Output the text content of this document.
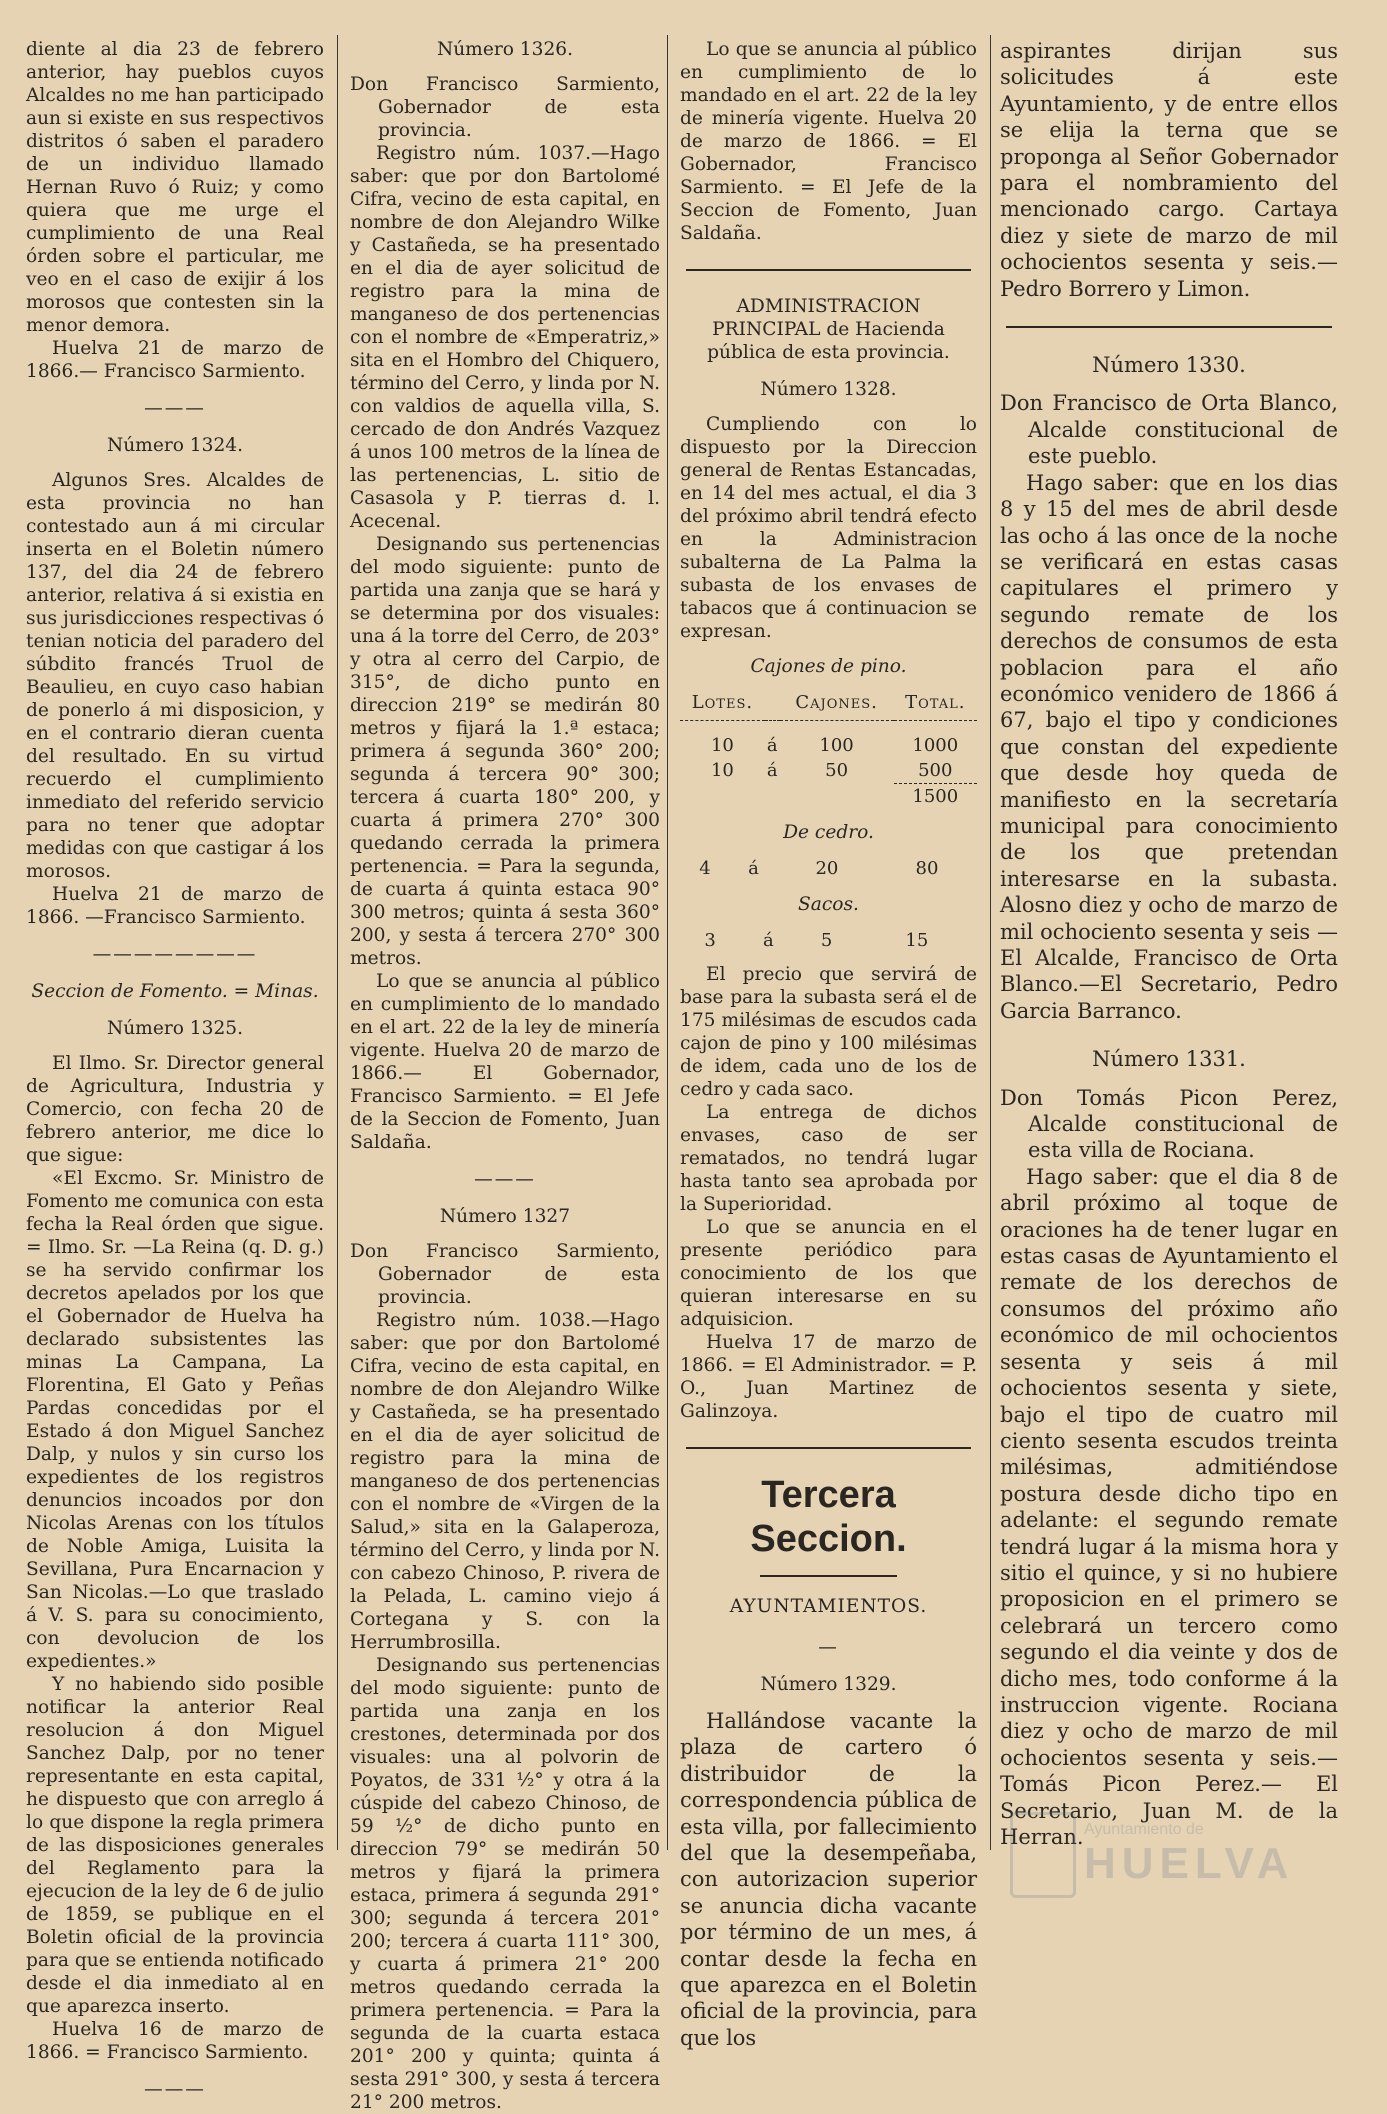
diente al dia 23 de febrero anterior, hay pueblos cuyos Alcaldes no me han participado aun si existe en sus respectivos distritos ó saben el paradero de un individuo llamado Hernan Ruvo ó Ruiz; y como quiera que me urge el cumplimiento de una Real órden sobre el particular, me veo en el caso de exijir á los morosos que contesten sin la menor demora.

Huelva 21 de marzo de 1866.— Francisco Sarmiento.

———

Número 1324.

Algunos Sres. Alcaldes de esta provincia no han contestado aun á mi circular inserta en el Boletin número 137, del dia 24 de febrero anterior, relativa á si existia en sus jurisdicciones respectivas ó tenian noticia del paradero del súbdito francés Truol de Beaulieu, en cuyo caso habian de ponerlo á mi disposicion, y en el contrario dieran cuenta del resultado. En su virtud recuerdo el cumplimiento inmediato del referido servicio para no tener que adoptar medidas con que castigar á los morosos.

Huelva 21 de marzo de 1866. —Francisco Sarmiento.

————————

Seccion de Fomento. = Minas.

Número 1325.

El Ilmo. Sr. Director general de Agricultura, Industria y Comercio, con fecha 20 de febrero anterior, me dice lo que sigue:

«El Excmo. Sr. Ministro de Fomento me comunica con esta fecha la Real órden que sigue. = Ilmo. Sr. —La Reina (q. D. g.) se ha servido confirmar los decretos apelados por los que el Gobernador de Huelva ha declarado subsistentes las minas La Campana, La Florentina, El Gato y Peñas Pardas concedidas por el Estado á don Miguel Sanchez Dalp, y nulos y sin curso los expedientes de los registros denuncios incoados por don Nicolas Arenas con los títulos de Noble Amiga, Luisita la Sevillana, Pura Encarnacion y San Nicolas.—Lo que traslado á V. S. para su conocimiento, con devolucion de los expedientes.»

Y no habiendo sido posible notificar la anterior Real resolucion á don Miguel Sanchez Dalp, por no tener representante en esta capital, he dispuesto que con arreglo á lo que dispone la regla primera de las disposiciones generales del Reglamento para la ejecucion de la ley de 6 de julio de 1859, se publique en el Boletin oficial de la provincia para que se entienda notificado desde el dia inmediato al en que aparezca inserto.

Huelva 16 de marzo de 1866. = Francisco Sarmiento.

———

Número 1326.

Don Francisco Sarmiento, Gobernador de esta provincia.

Registro núm. 1037.—Hago saber: que por don Bartolomé Cifra, vecino de esta capital, en nombre de don Alejandro Wilke y Castañeda, se ha presentado en el dia de ayer solicitud de registro para la mina de manganeso de dos pertenencias con el nombre de «Emperatriz,» sita en el Hombro del Chiquero, término del Cerro, y linda por N. con valdios de aquella villa, S. cercado de don Andrés Vazquez á unos 100 metros de la línea de las pertenencias, L. sitio de Casasola y P. tierras d. l. Acecenal.

Designando sus pertenencias del modo siguiente: punto de partida una zanja que se hará y se determina por dos visuales: una á la torre del Cerro, de 203° y otra al cerro del Carpio, de 315°, de dicho punto en direccion 219° se medirán 80 metros y fijará la 1.ª estaca; primera á segunda 360° 200; segunda á tercera 90° 300; tercera á cuarta 180° 200, y cuarta á primera 270° 300 quedando cerrada la primera pertenencia. = Para la segunda, de cuarta á quinta estaca 90° 300 metros; quinta á sesta 360° 200, y sesta á tercera 270° 300 metros.

Lo que se anuncia al público en cumplimiento de lo mandado en el art. 22 de la ley de minería vigente. Huelva 20 de marzo de 1866.— El Gobernador, Francisco Sarmiento. = El Jefe de la Seccion de Fomento, Juan Saldaña.

———

Número 1327

Don Francisco Sarmiento, Gobernador de esta provincia.

Registro núm. 1038.—Hago saber: que por don Bartolomé Cifra, vecino de esta capital, en nombre de don Alejandro Wilke y Castañeda, se ha presentado en el dia de ayer solicitud de registro para la mina de manganeso de dos pertenencias con el nombre de «Virgen de la Salud,» sita en la Galaperoza, término del Cerro, y linda por N. con cabezo Chinoso, P. rivera de la Pelada, L. camino viejo á Cortegana y S. con la Herrumbrosilla.

Designando sus pertenencias del modo siguiente: punto de partida una zanja en los crestones, determinada por dos visuales: una al polvorin de Poyatos, de 331 ½° y otra á la cúspide del cabezo Chinoso, de 59 ½° de dicho punto en direccion 79° se medirán 50 metros y fijará la primera estaca, primera á segunda 291° 300; segunda á tercera 201° 200; tercera á cuarta 111° 300, y cuarta á primera 21° 200 metros quedando cerrada la primera pertenencia. = Para la segunda de la cuarta estaca 201° 200 y quinta; quinta á sesta 291° 300, y sesta á tercera 21° 200 metros.

Lo que se anuncia al público en cumplimiento de lo mandado en el art. 22 de la ley de minería vigente. Huelva 20 de marzo de 1866. = El Gobernador, Francisco Sarmiento. = El Jefe de la Seccion de Fomento, Juan Saldaña.

ADMINISTRACION PRINCIPAL de Hacienda pública de esta provincia.

Número 1328.

Cumpliendo con lo dispuesto por la Direccion general de Rentas Estancadas, en 14 del mes actual, el dia 3 del próximo abril tendrá efecto en la Administracion subalterna de La Palma la subasta de los envases de tabacos que á continuacion se expresan.

Cajones de pino.

Lotes.		Cajones.	Total.

10	á	100	1000
10	á	50	500
			1500

De cedro.

4	á	20	80

Sacos.

3	á	5	15

El precio que servirá de base para la subasta será el de 175 milésimas de escudos cada cajon de pino y 100 milésimas de idem, cada uno de los de cedro y cada saco.

La entrega de dichos envases, caso de ser rematados, no tendrá lugar hasta tanto sea aprobada por la Superioridad.

Lo que se anuncia en el presente periódico para conocimiento de los que quieran interesarse en su adquisicion.

Huelva 17 de marzo de 1866. = El Administrador. = P. O., Juan Martinez de Galinzoya.

Tercera Seccion.

AYUNTAMIENTOS.

—

Número 1329.

Hallándose vacante la plaza de cartero ó distribuidor de la correspondencia pública de esta villa, por fallecimiento del que la desempeñaba, con autorizacion superior se anuncia dicha vacante por término de un mes, á contar desde la fecha en que aparezca en el Boletin oficial de la provincia, para que los

aspirantes dirijan sus solicitudes á este Ayuntamiento, y de entre ellos se elija la terna que se proponga al Señor Gobernador para el nombramiento del mencionado cargo. Cartaya diez y siete de marzo de mil ochocientos sesenta y seis.—Pedro Borrero y Limon.

Número 1330.

Don Francisco de Orta Blanco, Alcalde constitucional de este pueblo.

Hago saber: que en los dias 8 y 15 del mes de abril desde las ocho á las once de la noche se verificará en estas casas capitulares el primero y segundo remate de los derechos de consumos de esta poblacion para el año económico venidero de 1866 á 67, bajo el tipo y condiciones que constan del expediente que desde hoy queda de manifiesto en la secretaría municipal para conocimiento de los que pretendan interesarse en la subasta. Alosno diez y ocho de marzo de mil ochociento sesenta y seis —El Alcalde, Francisco de Orta Blanco.—El Secretario, Pedro Garcia Barranco.

Número 1331.

Don Tomás Picon Perez, Alcalde constitucional de esta villa de Rociana.

Hago saber: que el dia 8 de abril próximo al toque de oraciones ha de tener lugar en estas casas de Ayuntamiento el remate de los derechos de consumos del próximo año económico de mil ochocientos sesenta y seis á mil ochocientos sesenta y siete, bajo el tipo de cuatro mil ciento sesenta escudos treinta milésimas, admitiéndose postura desde dicho tipo en adelante: el segundo remate tendrá lugar á la misma hora y sitio el quince, y si no hubiere proposicion en el primero se celebrará un tercero como segundo el dia veinte y dos de dicho mes, todo conforme á la instruccion vigente. Rociana diez y ocho de marzo de mil ochocientos sesenta y seis.—Tomás Picon Perez.— El Secretario, Juan M. de la Herran. Ayuntamiento de
HUELVA
